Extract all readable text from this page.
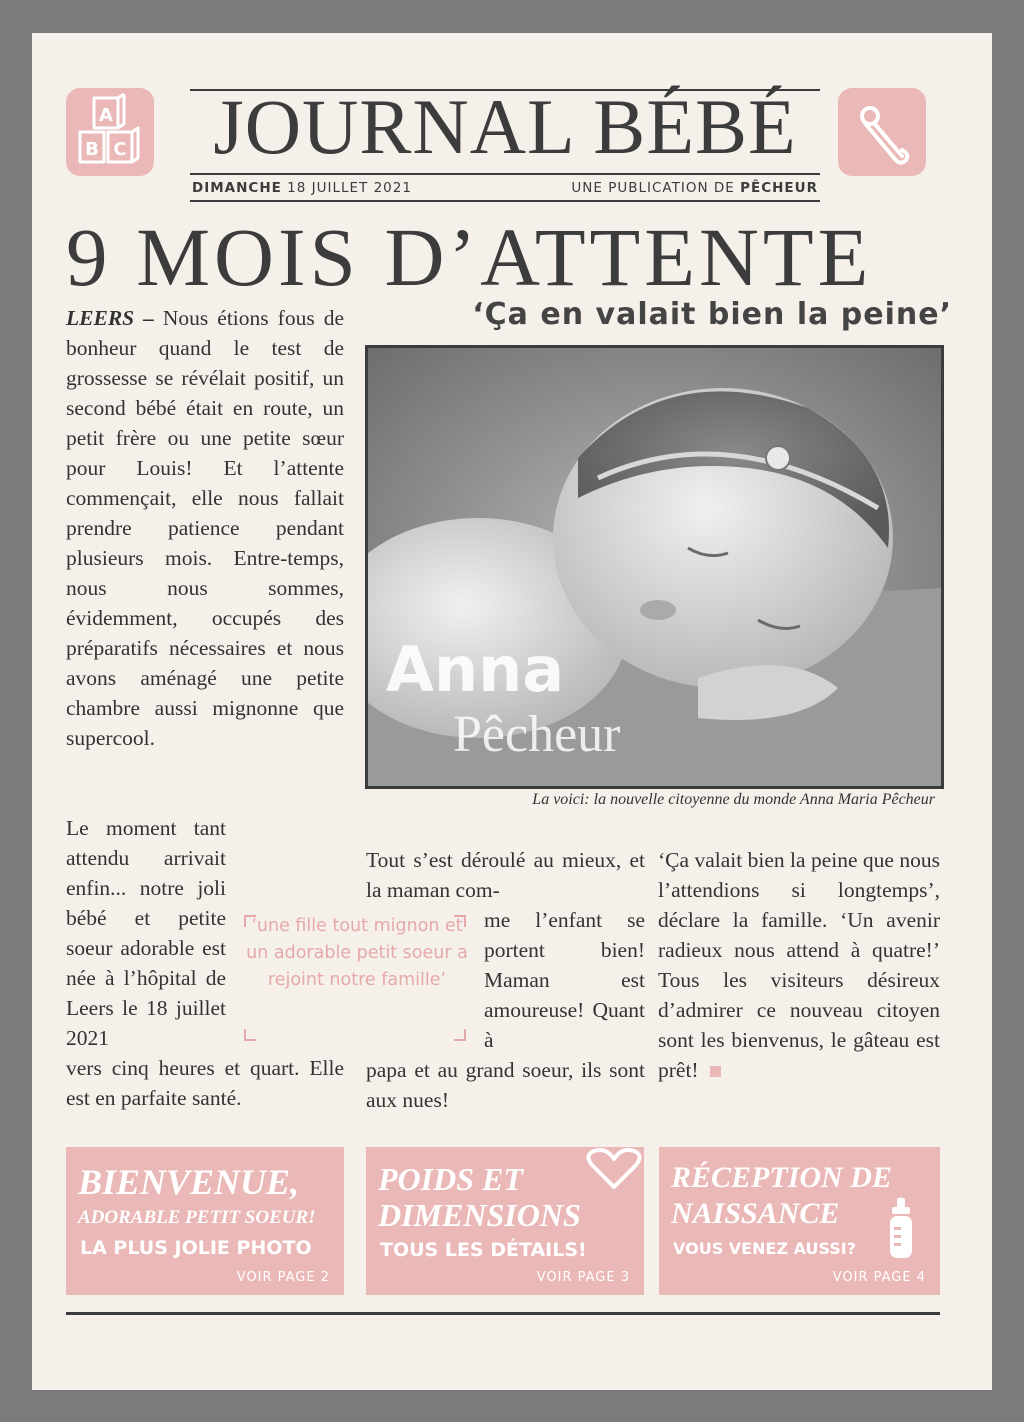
A
B C JOURNAL BÉBÉ
DIMANCHE 18 JUILLET 2021	UNE PUBLICATION DE PÊCHEUR
9 MOIS D’ATTENTE
‘Ça en valait bien la peine’

LEERS – Nous étions fous de bonheur quand le test de grossesse se révélait positif, un second bébé était en route, un petit frère ou une petite sœur pour Louis! Et l’attente commençait, elle nous fallait prendre patience pendant plusieurs mois. Entre-temps, nous nous sommes, évidemment, occupés des préparatifs nécessaires et nous avons aménagé une petite chambre aussi mignonne que supercool.

Le moment tant attendu arrivait enfin... notre joli bébé et petite soeur adorable est née à l’hôpital de Leers le 18 juillet 2021

vers cinq heures et quart. Elle est en parfaite santé.

Anna
Pêcheur
La voici: la nouvelle citoyenne du monde Anna Maria Pêcheur

Tout s’est déroulé au mieux, et la maman com-

me l’enfant se portent bien! Maman est amoureuse! Quant à

papa et au grand soeur, ils sont aux nues!

‘Ça valait bien la peine que nous l’attendions si longtemps’, déclare la famille. ‘Un avenir radieux nous attend à quatre!’ Tous les visiteurs désireux d’admirer ce nouveau citoyen sont les bienvenus, le gâteau est prêt!

‘une fille tout mignon et un adorable petit soeur a rejoint notre famille’
BIENVENUE,
ADORABLE PETIT SOEUR!
LA PLUS JOLIE PHOTO
VOIR PAGE 2
POIDS ET
DIMENSIONS
TOUS LES DÉTAILS!
VOIR PAGE 3
RÉCEPTION DE
NAISSANCE
VOUS VENEZ AUSSI?
VOIR PAGE 4
